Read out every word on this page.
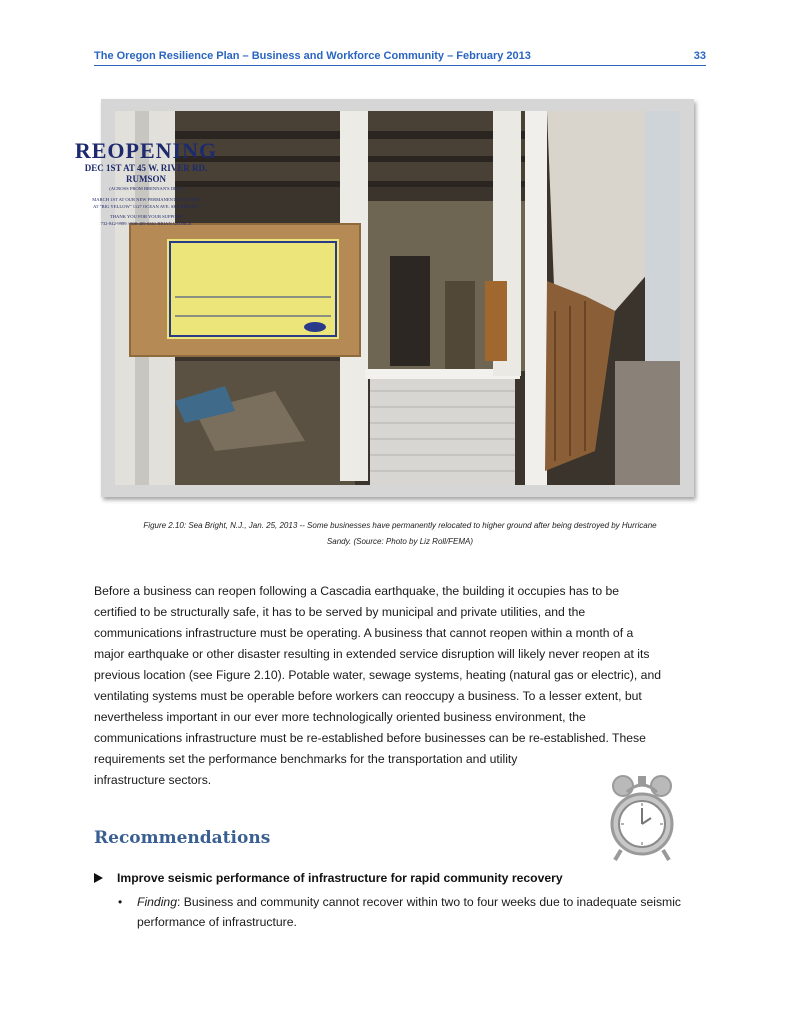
The Oregon Resilience Plan – Business and Workforce Community – February 2013	33
REOPENING
DEC 1ST AT 45 W. RIVER RD. RUMSON
(ACROSS FROM BRENNAN'S DELI)
MARCH 1ST AT OUR NEW PERMANENT LOCATION
AT "BIG YELLOW" 1127 OCEAN AVE. SEA BRIGHT!
THANK YOU FOR YOUR SUPPORT
732-842-9989 / 908-489-0361 BRIAN GEORGE
Figure 2.10: Sea Bright, N.J., Jan. 25, 2013 -- Some businesses have permanently relocated to higher ground after being destroyed by Hurricane
Sandy. (Source: Photo by Liz Roll/FEMA)
Before a business can reopen following a Cascadia earthquake, the building it occupies has to be
certified to be structurally safe, it has to be served by municipal and private utilities, and the
communications infrastructure must be operating. A business that cannot reopen within a month of a
major earthquake or other disaster resulting in extended service disruption will likely never reopen at its
previous location (see Figure 2.10). Potable water, sewage systems, heating (natural gas or electric), and
ventilating systems must be operable before workers can reoccupy a business. To a lesser extent, but
nevertheless important in our ever more technologically oriented business environment, the
communications infrastructure must be re-established before businesses can be re-established. These
requirements set the performance benchmarks for the transportation and utility
infrastructure sectors.
Recommendations
Improve seismic performance of infrastructure for rapid community recovery
• Finding: Business and community cannot recover within two to four weeks due to inadequate seismic performance of infrastructure.
